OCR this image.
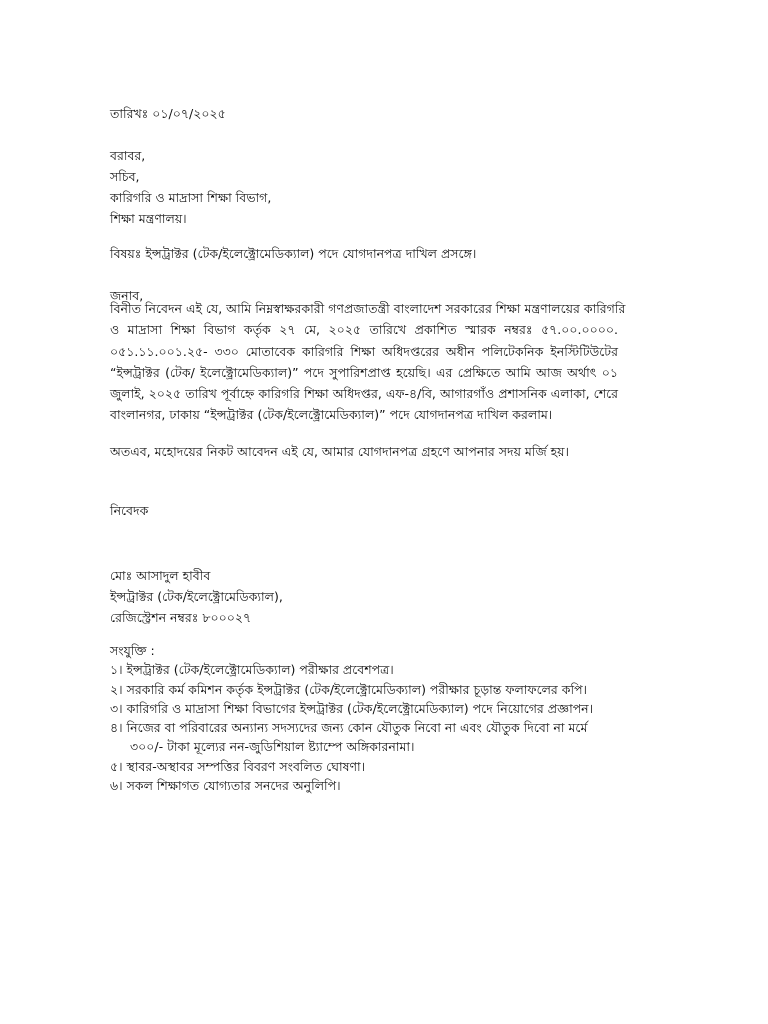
তারিখঃ ০১/০৭/২০২৫
বরাবর,
সচিব,
কারিগরি ও মাদ্রাসা শিক্ষা বিভাগ,
শিক্ষা মন্ত্রণালয়।
বিষয়ঃ ইন্সট্রাক্টর (টেক/ইলেক্ট্রোমেডিক্যাল) পদে যোগদানপত্র দাখিল প্রসঙ্গে।
জনাব,
বিনীত নিবেদন এই যে, আমি নিম্নস্বাক্ষরকারী গণপ্রজাতন্ত্রী বাংলাদেশ সরকারের শিক্ষা মন্ত্রণালয়ের কারিগরি
ও মাদ্রাসা শিক্ষা বিভাগ কর্তৃক ২৭ মে, ২০২৫ তারিখে প্রকাশিত স্মারক নম্বরঃ ৫৭.০০.০০০০.
০৫১.১১.০০১.২৫- ৩৩০ মোতাবেক কারিগরি শিক্ষা অধিদপ্তরের অধীন পলিটেকনিক ইনস্টিটিউটের
“ইন্সট্রাক্টর (টেক/ ইলেক্ট্রোমেডিক্যাল)” পদে সুপারিশপ্রাপ্ত হয়েছি। এর প্রেক্ষিতে আমি আজ অর্থাৎ ০১
জুলাই, ২০২৫ তারিখ পূর্বাহ্নে কারিগরি শিক্ষা অধিদপ্তর, এফ-৪/বি, আগারগাঁও প্রশাসনিক এলাকা, শেরে
বাংলানগর, ঢাকায় “ইন্সট্রাক্টর (টেক/ইলেক্ট্রোমেডিক্যাল)” পদে যোগদানপত্র দাখিল করলাম।
অতএব, মহোদয়ের নিকট আবেদন এই যে, আমার যোগদানপত্র গ্রহণে আপনার সদয় মর্জি হয়।
নিবেদক
মোঃ আসাদুল হাবীব
ইন্সট্রাক্টর (টেক/ইলেক্ট্রোমেডিক্যাল),
রেজিস্ট্রেশন নম্বরঃ ৮০০০২৭
সংযুক্তি :
১। ইন্সট্রাক্টর (টেক/ইলেক্ট্রোমেডিক্যাল) পরীক্ষার প্রবেশপত্র।
২। সরকারি কর্ম কমিশন কর্তৃক ইন্সট্রাক্টর (টেক/ইলেক্ট্রোমেডিক্যাল) পরীক্ষার চূড়ান্ত ফলাফলের কপি।
৩। কারিগরি ও মাদ্রাসা শিক্ষা বিভাগের ইন্সট্রাক্টর (টেক/ইলেক্ট্রোমেডিক্যাল) পদে নিয়োগের প্রজ্ঞাপন।
৪। নিজের বা পরিবারের অন্যান্য সদস্যদের জন্য কোন যৌতুক নিবো না এবং যৌতুক দিবো না মর্মে
৩০০/- টাকা মূল্যের নন-জুডিশিয়াল ষ্ট্যাম্পে অঙ্গিকারনামা।
৫। স্থাবর-অস্থাবর সম্পত্তির বিবরণ সংবলিত ঘোষণা।
৬। সকল শিক্ষাগত যোগ্যতার সনদের অনুলিপি।
